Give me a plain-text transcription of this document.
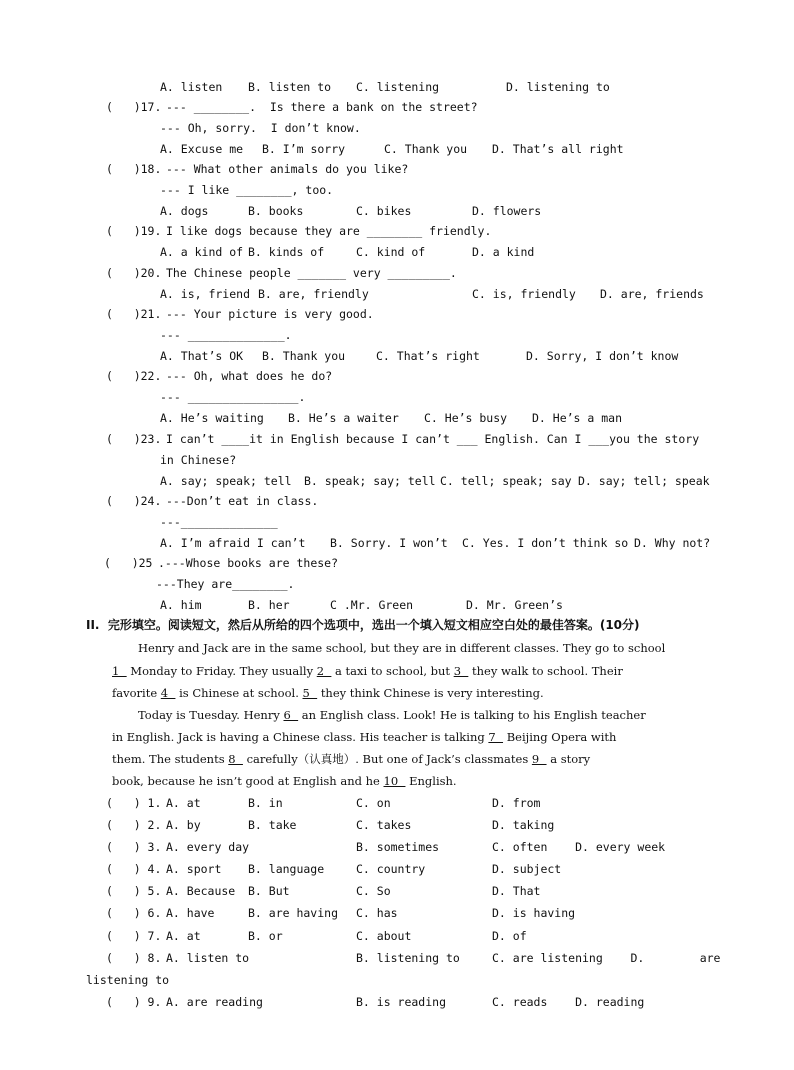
A. listen B. listen to C. listening	D. listening to
(   )17. --- ________.  Is there a bank on the street?
--- Oh, sorry.  I don’t know.
A. Excuse me B. I’m sorry	C. Thank you D. That’s all right
(   )18. --- What other animals do you like?
--- I like ________, too.
A. dogs	B. books	C. bikes	D. flowers
(   )19. I like dogs because they are ________ friendly.
A. a kind of B. kinds of	C. kind of	D. a kind
(   )20. The Chinese people _______ very _________.
A. is, friend B. are, friendly	C. is, friendly D. are, friends
(   )21. --- Your picture is very good.
--- ______________.
A. That’s OK B. Thank you	C. That’s right	D. Sorry, I don’t know
(   )22. --- Oh, what does he do?
--- ________________.
A. He’s waiting B. He’s a waiter C. He’s busy D. He’s a man
(   )23. I can’t ____it in English because I can’t ___ English. Can I ___you the story
in Chinese?
A. say; speak; tell B. speak; say; tell C. tell; speak; say D. say; tell; speak
(   )24. ---Don’t eat in class.
---______________
A. I’m afraid I can’t B. Sorry. I won’t C. Yes. I don’t think so D. Why not?
(   )25 .---Whose books are these?
---They are________.
A. him	B. her	C .Mr. Green	D. Mr. Green’s
II.  完形填空。阅读短文，然后从所给的四个选项中，选出一个填入短文相应空白处的最佳答案。(10分)
Henry and Jack are in the same school, but they are in different classes. They go to school
1   Monday to Friday. They usually 2   a taxi to school, but 3   they walk to school. Their
favorite 4   is Chinese at school. 5   they think Chinese is very interesting.
Today is Tuesday. Henry 6   an English class. Look! He is talking to his English teacher
in English. Jack is having a Chinese class. His teacher is talking 7   Beijing Opera with
them. The students 8   carefully（认真地）. But one of Jack’s classmates 9   a story
book, because he isn’t good at English and he 10   English.
(   ) 1. A. at	B. in	C. on	D. from
(   ) 2. A. by	B. take	C. takes	D. taking
(   ) 3. A. every day	B. sometimes	C. often    D. every week
(   ) 4. A. sport B. language	C. country	D. subject
(   ) 5. A. Because B. But	C. So	D. That
(   ) 6. A. have	B. are having C. has	D. is having
(   ) 7. A. at	B. or	C. about	D. of
(   ) 8. A. listen to	B. listening to	C. are listening    D.        are
listening to
(   ) 9. A. are reading	B. is reading	C. reads    D. reading
